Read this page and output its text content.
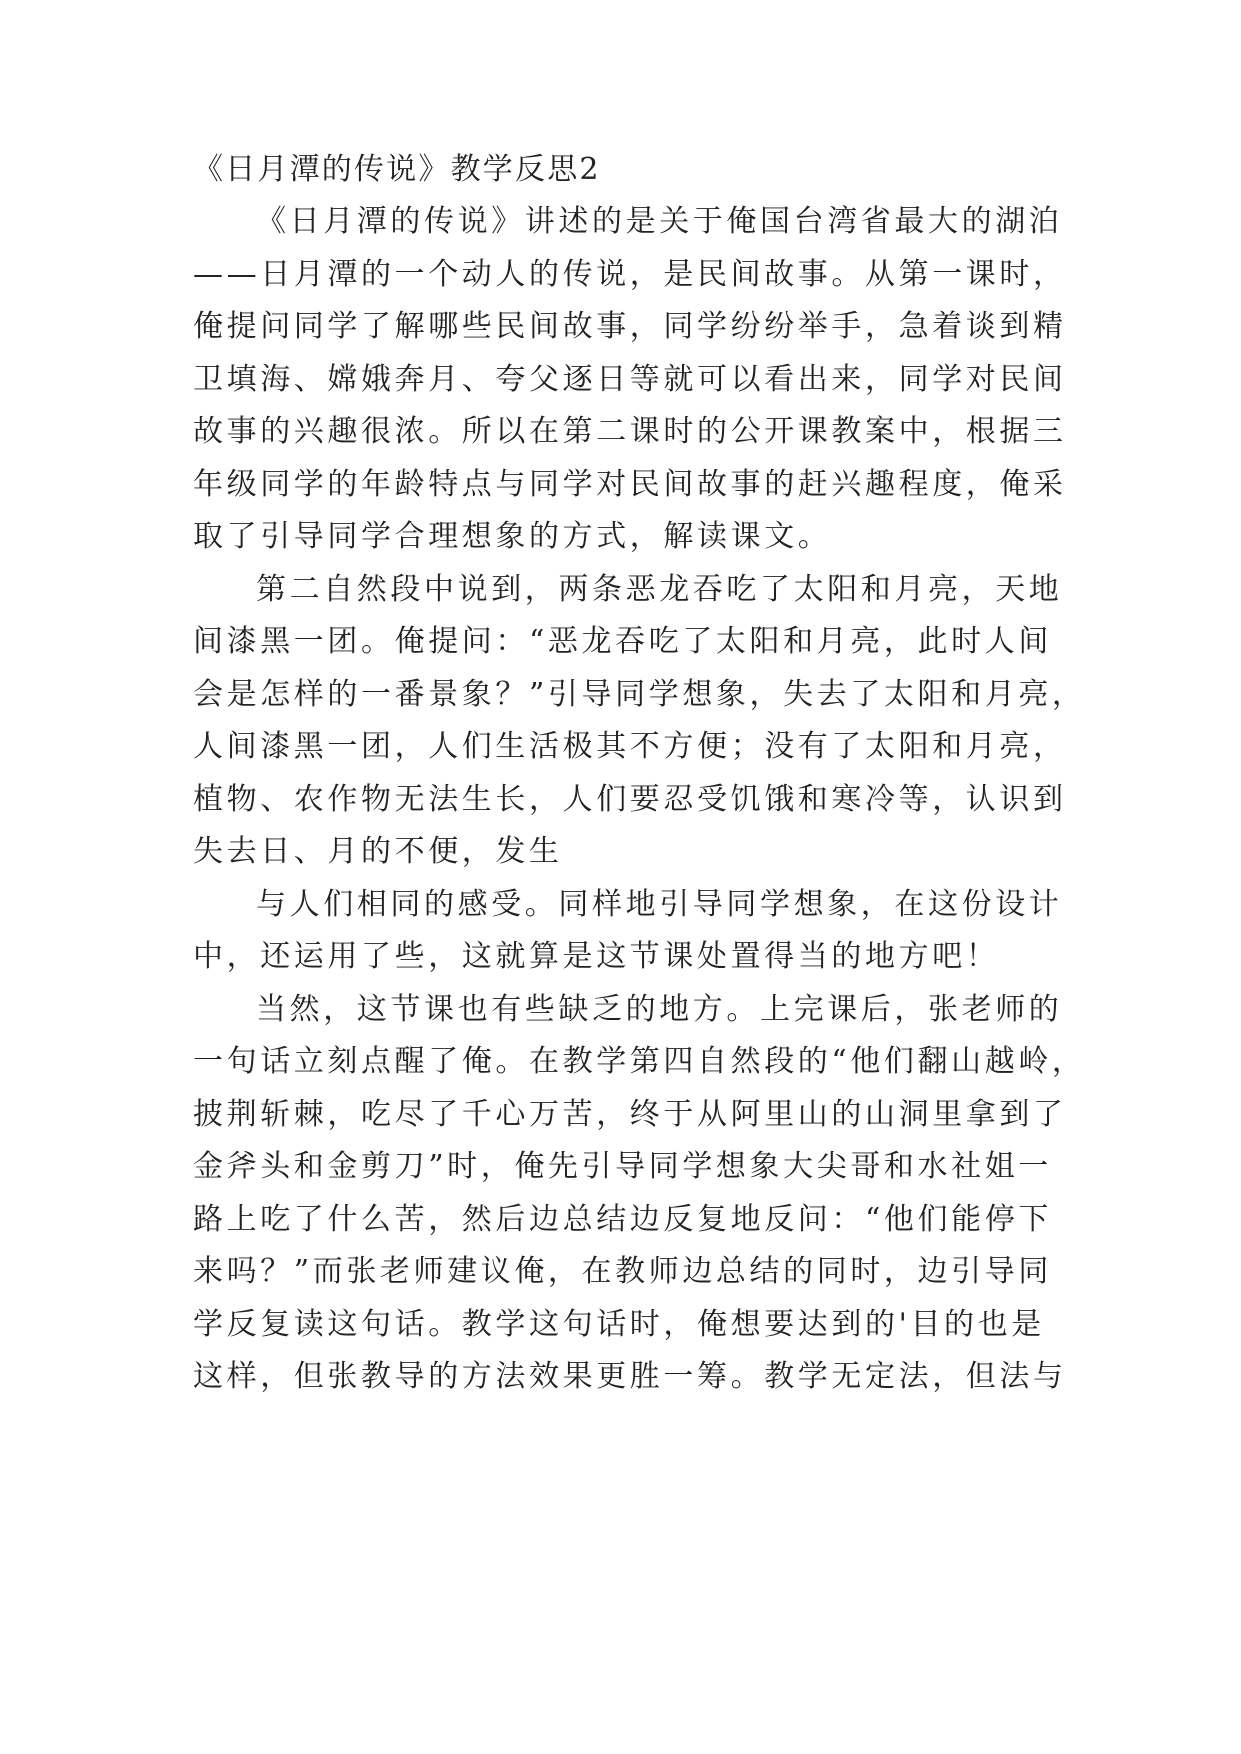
《日月潭的传说》教学反思2
《日月潭的传说》讲述的是关于俺国台湾省最大的湖泊
——日月潭的一个动人的传说，是民间故事。从第一课时，
俺提问同学了解哪些民间故事，同学纷纷举手，急着谈到精
卫填海、嫦娥奔月、夸父逐日等就可以看出来，同学对民间
故事的兴趣很浓。所以在第二课时的公开课教案中，根据三
年级同学的年龄特点与同学对民间故事的赶兴趣程度，俺采
取了引导同学合理想象的方式，解读课文。
第二自然段中说到，两条恶龙吞吃了太阳和月亮，天地
间漆黑一团。俺提问：“恶龙吞吃了太阳和月亮，此时人间
会是怎样的一番景象？”引导同学想象，失去了太阳和月亮，
人间漆黑一团，人们生活极其不方便；没有了太阳和月亮，
植物、农作物无法生长，人们要忍受饥饿和寒冷等，认识到
失去日、月的不便，发生
与人们相同的感受。同样地引导同学想象，在这份设计
中，还运用了些，这就算是这节课处置得当的地方吧！
当然，这节课也有些缺乏的地方。上完课后，张老师的
一句话立刻点醒了俺。在教学第四自然段的“他们翻山越岭，
披荆斩棘，吃尽了千心万苦，终于从阿里山的山洞里拿到了
金斧头和金剪刀”时，俺先引导同学想象大尖哥和水社姐一
路上吃了什么苦，然后边总结边反复地反问：“他们能停下
来吗？”而张老师建议俺，在教师边总结的同时，边引导同
学反复读这句话。教学这句话时，俺想要达到的'目的也是
这样，但张教导的方法效果更胜一筹。教学无定法，但法与
